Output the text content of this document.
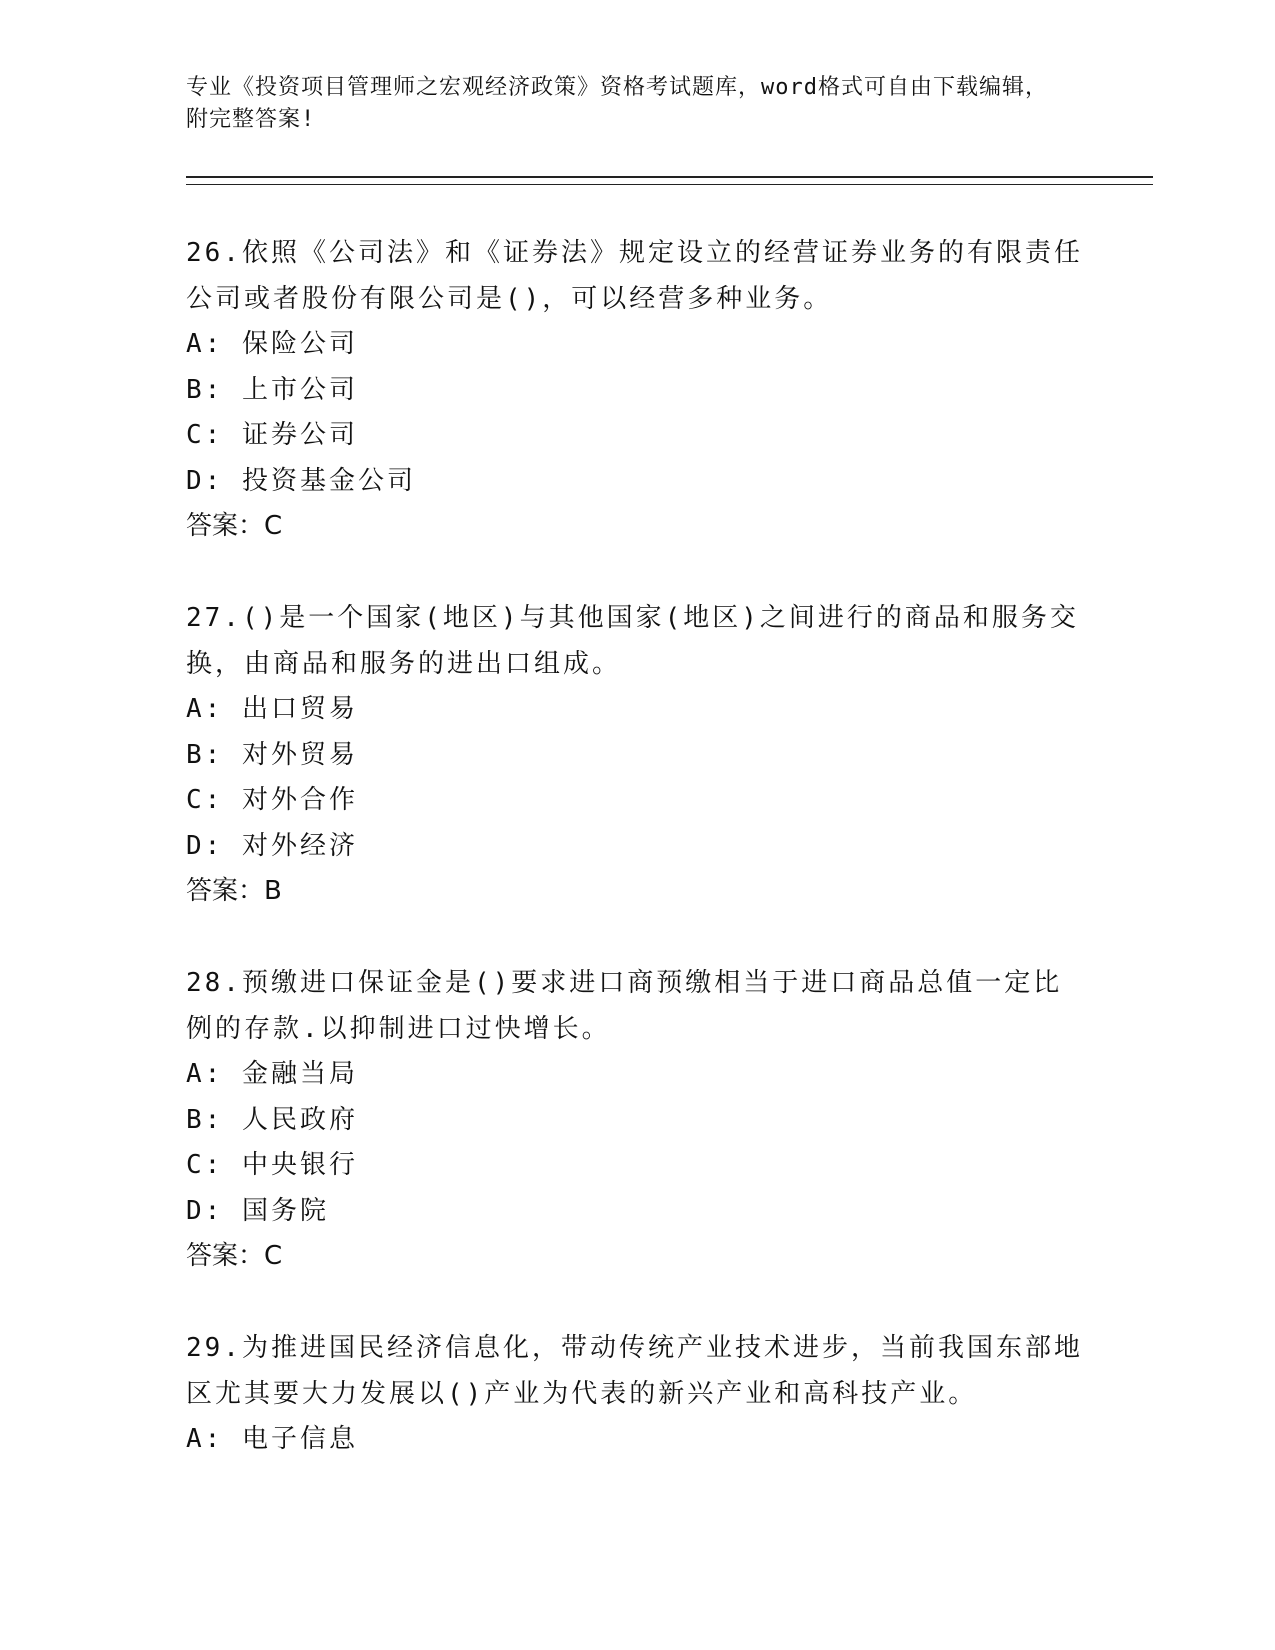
专业《投资项目管理师之宏观经济政策》资格考试题库，word格式可自由下载编辑，附完整答案!

26.依照《公司法》和《证券法》规定设立的经营证券业务的有限责任公司或者股份有限公司是()，可以经营多种业务。

A: 保险公司

B: 上市公司

C: 证券公司

D: 投资基金公司

答案：C

27.()是一个国家(地区)与其他国家(地区)之间进行的商品和服务交换，由商品和服务的进出口组成。

A: 出口贸易

B: 对外贸易

C: 对外合作

D: 对外经济

答案：B

28.预缴进口保证金是()要求进口商预缴相当于进口商品总值一定比例的存款.以抑制进口过快增长。

A: 金融当局

B: 人民政府

C: 中央银行

D: 国务院

答案：C

29.为推进国民经济信息化，带动传统产业技术进步，当前我国东部地区尤其要大力发展以()产业为代表的新兴产业和高科技产业。

A: 电子信息
